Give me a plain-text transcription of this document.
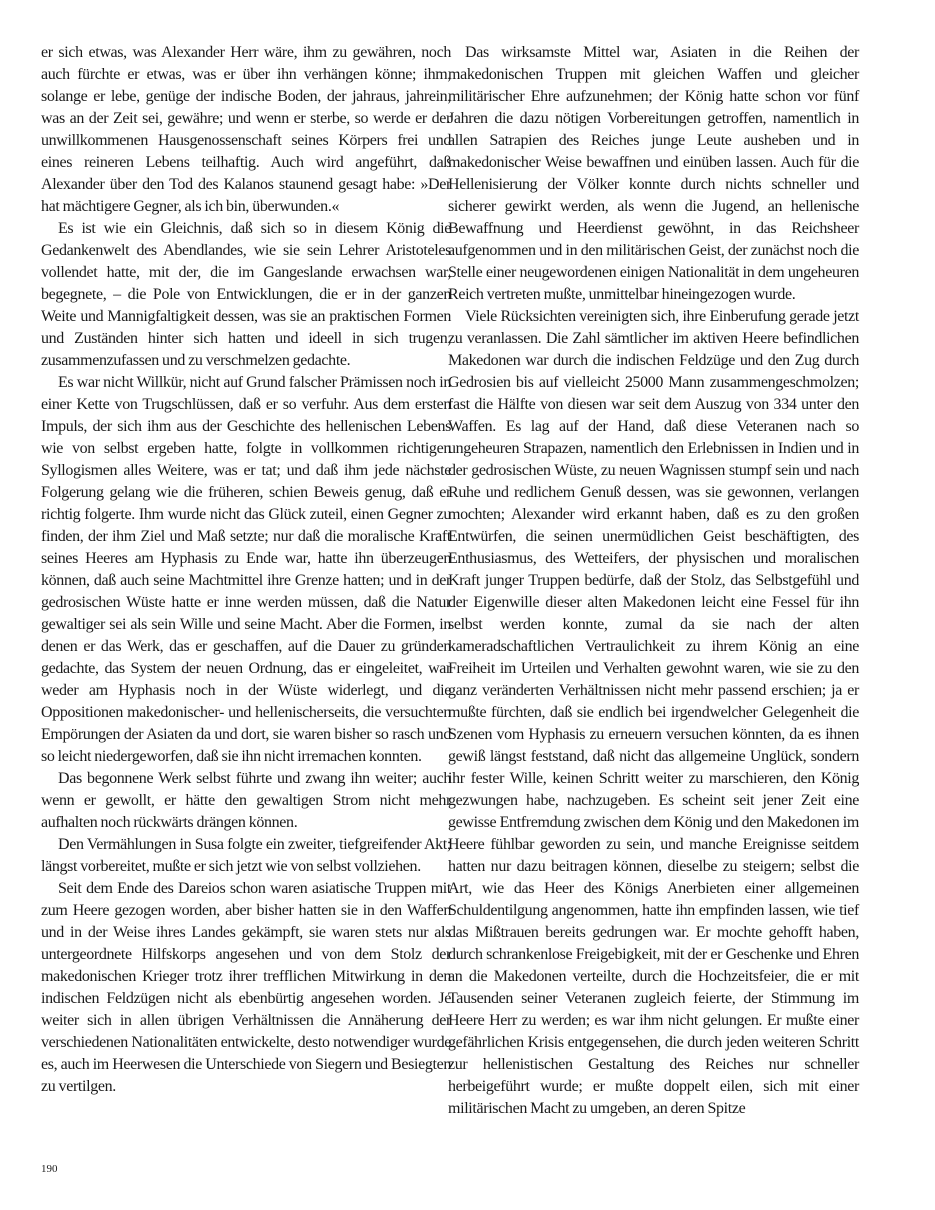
er sich etwas, was Alexander Herr wäre, ihm zu gewähren, noch auch fürchte er etwas, was er über ihn verhängen könne; ihm, solange er lebe, genüge der indische Boden, der jahraus, jahrein, was an der Zeit sei, gewähre; und wenn er sterbe, so werde er der unwillkommenen Hausgenossenschaft seines Körpers frei und eines reineren Lebens teilhaftig. Auch wird angeführt, daß Alexander über den Tod des Kalanos staunend gesagt habe: »Der hat mächtigere Gegner, als ich bin, überwunden.«

Es ist wie ein Gleichnis, daß sich so in diesem König die Gedankenwelt des Abendlandes, wie sie sein Lehrer Aristoteles vollendet hatte, mit der, die im Gangeslande erwachsen war, begegnete, – die Pole von Entwicklungen, die er in der ganzen Weite und Mannigfaltigkeit dessen, was sie an praktischen Formen und Zuständen hinter sich hatten und ideell in sich trugen, zusammenzufassen und zu verschmelzen gedachte.

Es war nicht Willkür, nicht auf Grund falscher Prämissen noch in einer Kette von Trugschlüssen, daß er so verfuhr. Aus dem ersten Impuls, der sich ihm aus der Geschichte des hellenischen Lebens wie von selbst ergeben hatte, folgte in vollkommen richtigen Syllogismen alles Weitere, was er tat; und daß ihm jede nächste Folgerung gelang wie die früheren, schien Beweis genug, daß er richtig folgerte. Ihm wurde nicht das Glück zuteil, einen Gegner zu finden, der ihm Ziel und Maß setzte; nur daß die moralische Kraft seines Heeres am Hyphasis zu Ende war, hatte ihn überzeugen können, daß auch seine Machtmittel ihre Grenze hatten; und in der gedrosischen Wüste hatte er inne werden müssen, daß die Natur gewaltiger sei als sein Wille und seine Macht. Aber die Formen, in denen er das Werk, das er geschaffen, auf die Dauer zu gründen gedachte, das System der neuen Ordnung, das er eingeleitet, war weder am Hyphasis noch in der Wüste widerlegt, und die Oppositionen makedonischer- und hellenischerseits, die versuchten Empörungen der Asiaten da und dort, sie waren bisher so rasch und so leicht niedergeworfen, daß sie ihn nicht irremachen konnten.

Das begonnene Werk selbst führte und zwang ihn weiter; auch wenn er gewollt, er hätte den gewaltigen Strom nicht mehr aufhalten noch rückwärts drängen können.

Den Vermählungen in Susa folgte ein zweiter, tiefgreifender Akt; längst vorbereitet, mußte er sich jetzt wie von selbst vollziehen.

Seit dem Ende des Dareios schon waren asiatische Truppen mit zum Heere gezogen worden, aber bisher hatten sie in den Waffen und in der Weise ihres Landes gekämpft, sie waren stets nur als untergeordnete Hilfskorps angesehen und von dem Stolz der makedonischen Krieger trotz ihrer trefflichen Mitwirkung in den indischen Feldzügen nicht als ebenbürtig angesehen worden. Je weiter sich in allen übrigen Verhältnissen die Annäherung der verschiedenen Nationalitäten entwickelte, desto notwendiger wurde es, auch im Heerwesen die Unterschiede von Siegern und Besiegten zu vertilgen.

Das wirksamste Mittel war, Asiaten in die Reihen der makedonischen Truppen mit gleichen Waffen und gleicher militärischer Ehre aufzunehmen; der König hatte schon vor fünf Jahren die dazu nötigen Vorbereitungen getroffen, namentlich in allen Satrapien des Reiches junge Leute ausheben und in makedonischer Weise bewaffnen und einüben lassen. Auch für die Hellenisierung der Völker konnte durch nichts schneller und sicherer gewirkt werden, als wenn die Jugend, an hellenische Bewaffnung und Heerdienst gewöhnt, in das Reichsheer aufgenommen und in den militärischen Geist, der zunächst noch die Stelle einer neugewordenen einigen Nationalität in dem ungeheuren Reich vertreten mußte, unmittelbar hineingezogen wurde.

Viele Rücksichten vereinigten sich, ihre Einberufung gerade jetzt zu veranlassen. Die Zahl sämtlicher im aktiven Heere befindlichen Makedonen war durch die indischen Feldzüge und den Zug durch Gedrosien bis auf vielleicht 25000 Mann zusammengeschmolzen; fast die Hälfte von diesen war seit dem Auszug von 334 unter den Waffen. Es lag auf der Hand, daß diese Veteranen nach so ungeheuren Strapazen, namentlich den Erlebnissen in Indien und in der gedrosischen Wüste, zu neuen Wagnissen stumpf sein und nach Ruhe und redlichem Genuß dessen, was sie gewonnen, verlangen mochten; Alexander wird erkannt haben, daß es zu den großen Entwürfen, die seinen unermüdlichen Geist beschäftigten, des Enthusiasmus, des Wetteifers, der physischen und moralischen Kraft junger Truppen bedürfe, daß der Stolz, das Selbstgefühl und der Eigenwille dieser alten Makedonen leicht eine Fessel für ihn selbst werden konnte, zumal da sie nach der alten kameradschaftlichen Vertraulichkeit zu ihrem König an eine Freiheit im Urteilen und Verhalten gewohnt waren, wie sie zu den ganz veränderten Verhältnissen nicht mehr passend erschien; ja er mußte fürchten, daß sie endlich bei irgendwelcher Gelegenheit die Szenen vom Hyphasis zu erneuern versuchen könnten, da es ihnen gewiß längst feststand, daß nicht das allgemeine Unglück, sondern ihr fester Wille, keinen Schritt weiter zu marschieren, den König gezwungen habe, nachzugeben. Es scheint seit jener Zeit eine gewisse Entfremdung zwischen dem König und den Makedonen im Heere fühlbar geworden zu sein, und manche Ereignisse seitdem hatten nur dazu beitragen können, dieselbe zu steigern; selbst die Art, wie das Heer des Königs Anerbieten einer allgemeinen Schuldentilgung angenommen, hatte ihn empfinden lassen, wie tief das Mißtrauen bereits gedrungen war. Er mochte gehofft haben, durch schrankenlose Freigebigkeit, mit der er Geschenke und Ehren an die Makedonen verteilte, durch die Hochzeitsfeier, die er mit Tausenden seiner Veteranen zugleich feierte, der Stimmung im Heere Herr zu werden; es war ihm nicht gelungen. Er mußte einer gefährlichen Krisis entgegensehen, die durch jeden weiteren Schritt zur hellenistischen Gestaltung des Reiches nur schneller herbeigeführt wurde; er mußte doppelt eilen, sich mit einer militärischen Macht zu umgeben, an deren Spitze

190
